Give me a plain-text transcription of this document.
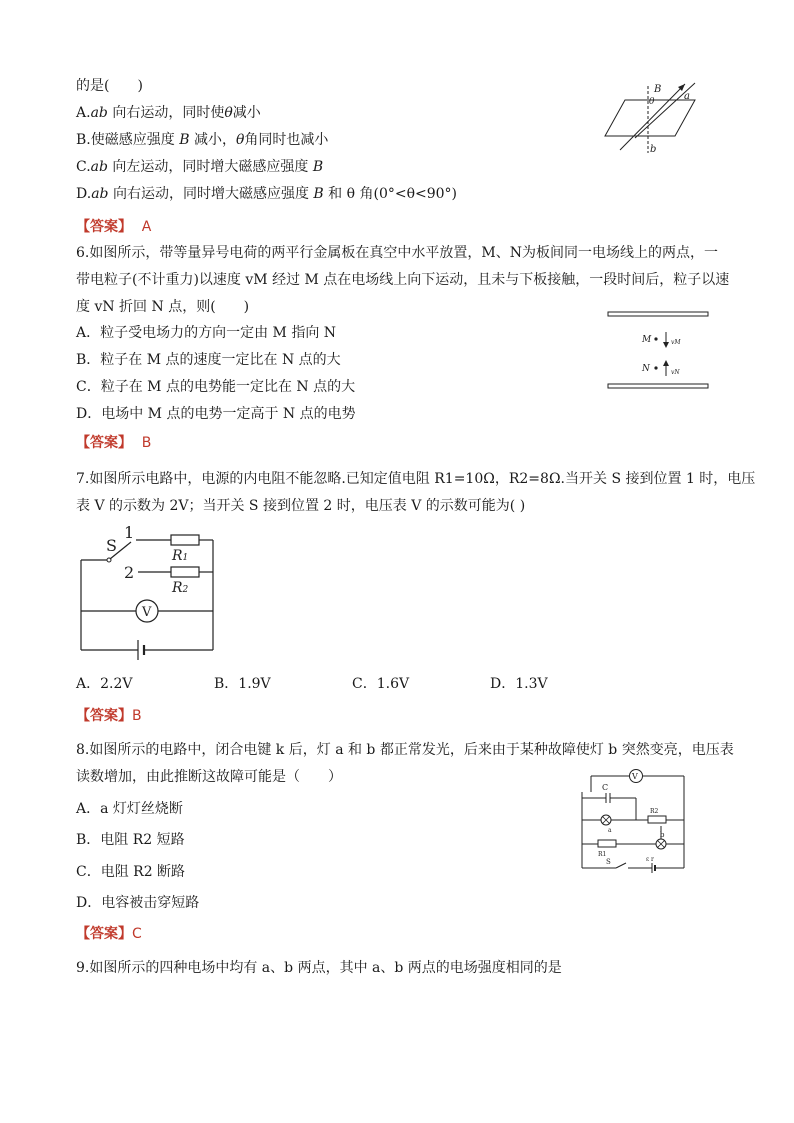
的是(　　)
A.ab 向右运动，同时使θ减小
B.使磁感应强度 B 减小，θ角同时也减小
C.ab 向左运动，同时增大磁感应强度 B
D.ab 向右运动，同时增大磁感应强度 B 和 θ 角(0°<θ<90°)
【答案】 A
B
θ	a
b
6.如图所示，带等量异号电荷的两平行金属板在真空中水平放置，M、N为板间同一电场线上的两点，一
带电粒子(不计重力)以速度 vM 经过 M 点在电场线上向下运动，且未与下板接触，一段时间后，粒子以速
度 vN 折回 N 点，则(　　)
A．粒子受电场力的方向一定由 M 指向 N
B．粒子在 M 点的速度一定比在 N 点的大
C．粒子在 M 点的电势能一定比在 N 点的大
D．电场中 M 点的电势一定高于 N 点的电势
【答案】 B
M	vM
N	vN
7.如图所示电路中，电源的内电阻不能忽略.已知定值电阻 R1=10Ω，R2=8Ω.当开关 S 接到位置 1 时，电压
表 V 的示数为 2V；当开关 S 接到位置 2 时，电压表 V 的示数可能为( )
S
1
2
R1
R2
V
A．2.2V	B．1.9V	C．1.6V	D．1.3V
【答案】B
8.如图所示的电路中，闭合电键 k 后，灯 a 和 b 都正常发光，后来由于某种故障使灯 b 突然变亮，电压表
读数增加，由此推断这故障可能是（　　）
A．a 灯灯丝烧断
B．电阻 R2 短路
C．电阻 R2 断路
D．电容被击穿短路
【答案】C
V
C
a
R2
R1
b
S	ε r
9.如图所示的四种电场中均有 a、b 两点，其中 a、b 两点的电场强度相同的是
